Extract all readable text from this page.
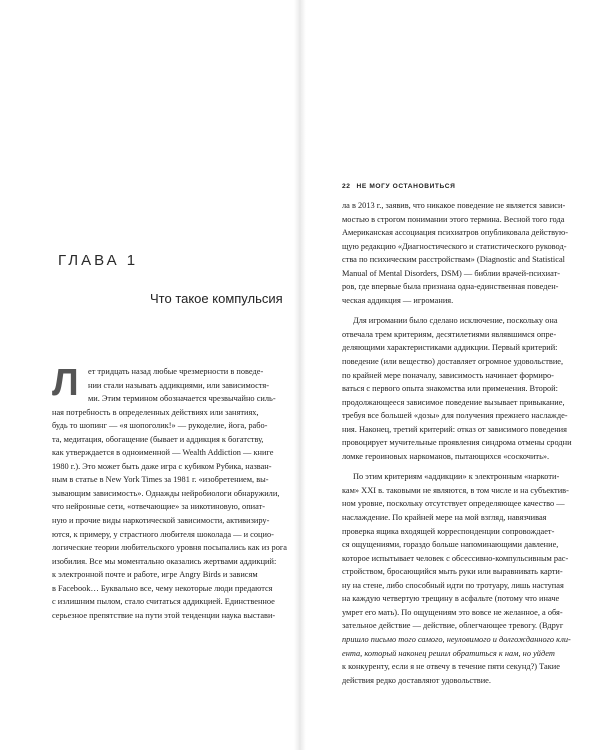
ГЛАВА 1
Что такое компульсия
Л	ет тридцать назад любые чрезмерности в поведе-
нии стали называть аддикциями, или зависимостя-
ми. Этим термином обозначается чрезвычайно силь-
ная потребность в определенных действиях или занятиях,
будь то шопинг — «я шопоголик!» — рукоделие, йога, рабо-
та, медитация, обогащение (бывает и аддикция к богатству,
как утверждается в одноименной — Wealth Addiction — книге
1980 г.). Это может быть даже игра с кубиком Рубика, назван-
ным в статье в New York Times за 1981 г. «изобретением, вы-
зывающим зависимость». Однажды нейробиологи обнаружили,
что нейронные сети, «отвечающие» за никотиновую, опиат-
ную и прочие виды наркотической зависимости, активизиру-
ются, к примеру, у страстного любителя шоколада — и социо-
логические теории любительского уровня посыпались как из рога
изобилия. Все мы моментально оказались жертвами аддикций:
к электронной почте и работе, игре Angry Birds и зависям
в Facebook… Буквально все, чему некоторые люди предаются
с излишним пылом, стало считаться аддикцией. Единственное
серьезное препятствие на пути этой тенденции наука выстави-
22 НЕ МОГУ ОСТАНОВИТЬСЯ
ла в 2013 г., заявив, что никакое поведение не является зависи-
мостью в строгом понимании этого термина. Весной того года
Американская ассоциация психиатров опубликовала действую-
щую редакцию «Диагностического и статистического руковод-
ства по психическим расстройствам» (Diagnostic and Statistical
Manual of Mental Disorders, DSM) — библии врачей-психиат-
ров, где впервые была признана одна-единственная поведен-
ческая аддикция — игромания.
Для игромании было сделано исключение, поскольку она
отвечала трем критериям, десятилетиями являвшимся опре-
деляющими характеристиками аддикции. Первый критерий:
поведение (или вещество) доставляет огромное удовольствие,
по крайней мере поначалу, зависимость начинает формиро-
ваться с первого опыта знакомства или применения. Второй:
продолжающееся зависимое поведение вызывает привыкание,
требуя все большей «дозы» для получения прежнего наслажде-
ния. Наконец, третий критерий: отказ от зависимого поведения
провоцирует мучительные проявления синдрома отмены сродни
ломке героиновых наркоманов, пытающихся «соскочить».
По этим критериям «аддикции» к электронным «наркоти-
кам» XXI в. таковыми не являются, в том числе и на субъектив-
ном уровне, поскольку отсутствует определяющее качество —
наслаждение. По крайней мере на мой взгляд, навязчивая
проверка ящика входящей корреспонденции сопровождает-
ся ощущениями, гораздо больше напоминающими давление,
которое испытывает человек с обсессивно-компульсивным рас-
стройством, бросающийся мыть руки или выравнивать карти-
ну на стене, либо способный идти по тротуару, лишь наступая
на каждую четвертую трещину в асфальте (потому что иначе
умрет его мать). По ощущениям это вовсе не желанное, а обя-
зательное действие — действие, облегчающее тревогу. (Вдруг
пришло письмо того самого, неуловимого и долгожданного кли-
ента, который наконец решил обратиться к нам, но уйдет
к конкуренту, если я не отвечу в течение пяти секунд?) Такие
действия редко доставляют удовольствие.
